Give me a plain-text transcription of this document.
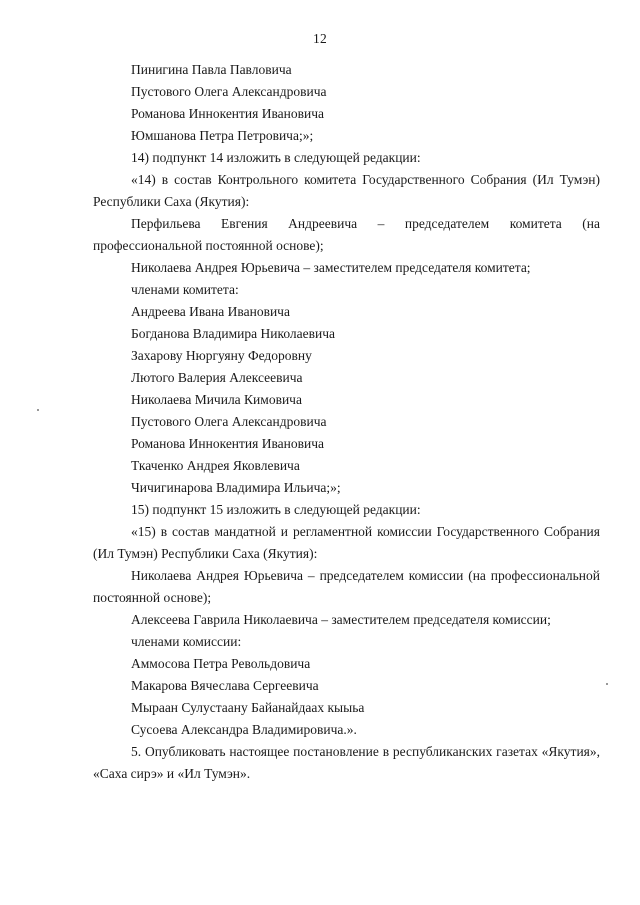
12
Пинигина Павла Павловича
Пустового Олега Александровича
Романова Иннокентия Ивановича
Юмшанова Петра Петровича;»;
14) подпункт 14 изложить в следующей редакции:
«14) в состав Контрольного комитета Государственного Собрания (Ил Тумэн) Республики Саха (Якутия):
Перфильева Евгения Андреевича – председателем комитета (на профессиональной постоянной основе);
Николаева Андрея Юрьевича – заместителем председателя комитета;
членами комитета:
Андреева Ивана Ивановича
Богданова Владимира Николаевича
Захарову Нюргуяну Федоровну
Лютого Валерия Алексеевича
Николаева Мичила Кимовича
Пустового Олега Александровича
Романова Иннокентия Ивановича
Ткаченко Андрея Яковлевича
Чичигинарова Владимира Ильича;»;
15) подпункт 15 изложить в следующей редакции:
«15) в состав мандатной и регламентной комиссии Государственного Собрания (Ил Тумэн) Республики Саха (Якутия):
Николаева Андрея Юрьевича – председателем комиссии (на профессиональной постоянной основе);
Алексеева Гаврила Николаевича – заместителем председателя комиссии;
членами комиссии:
Аммосова Петра Револьдовича
Макарова Вячеслава Сергеевича
Мыраан Сулустаану Байанайдаах кыыьа
Сусоева Александра Владимировича.».
5. Опубликовать настоящее постановление в республиканских газетах «Якутия», «Саха сирэ» и «Ил Тумэн».
